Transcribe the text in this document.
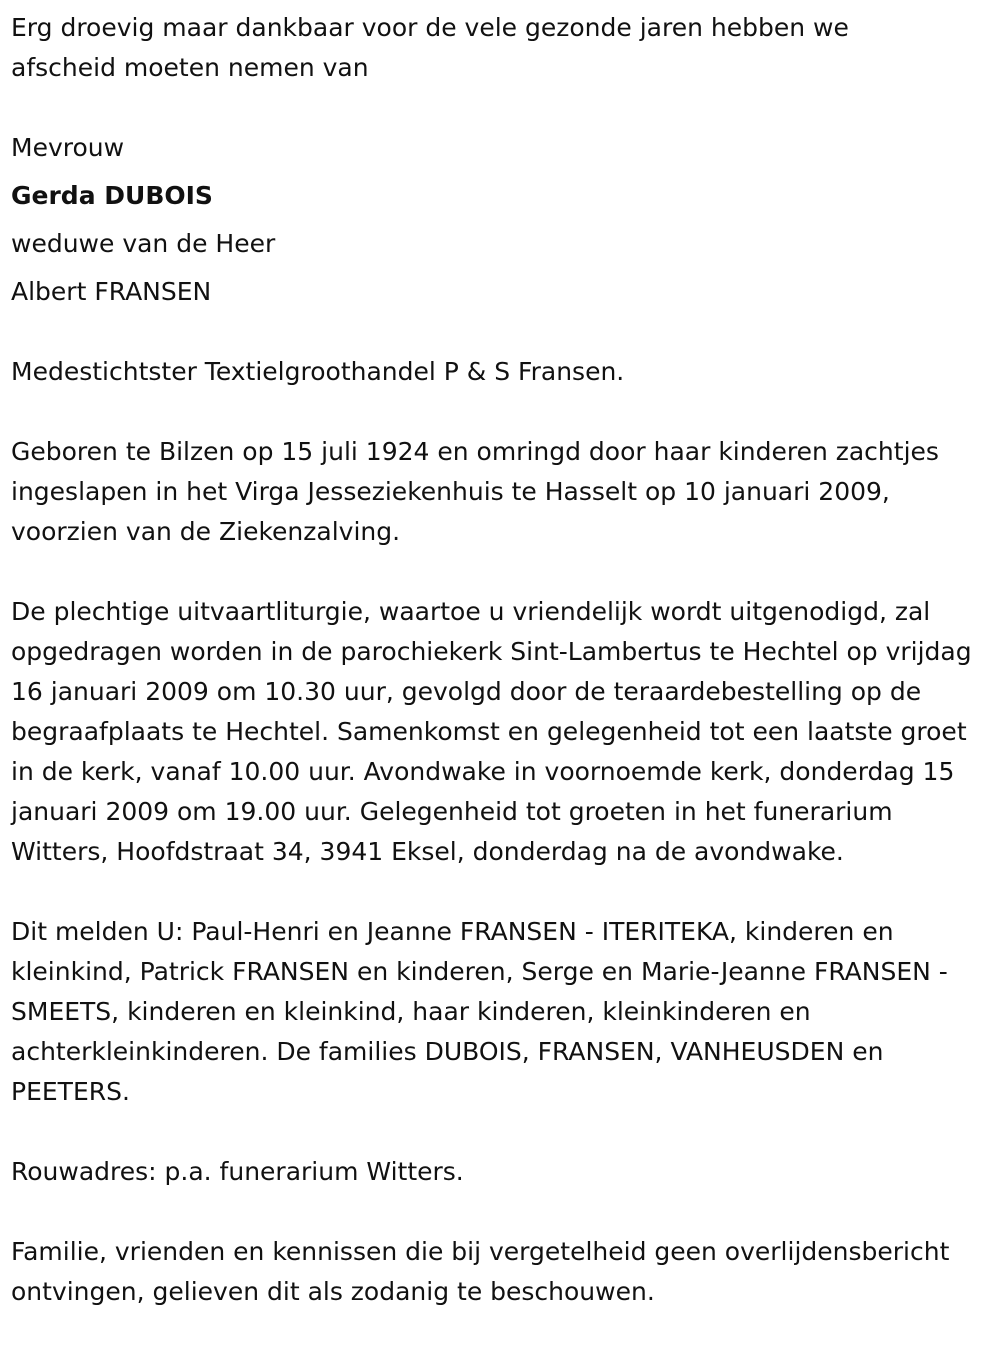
Erg droevig maar dankbaar voor de vele gezonde jaren hebben we afscheid moeten nemen van

Mevrouw

Gerda DUBOIS

weduwe van de Heer

Albert FRANSEN

Medestichtster Textielgroothandel P & S Fransen.

Geboren te Bilzen op 15 juli 1924 en omringd door haar kinderen zachtjes ingeslapen in het Virga Jesseziekenhuis te Hasselt op 10 januari 2009, voorzien van de Ziekenzalving.

De plechtige uitvaartliturgie, waartoe u vriendelijk wordt uitgenodigd, zal opgedragen worden in de parochiekerk Sint-Lambertus te Hechtel op vrijdag 16 januari 2009 om 10.30 uur, gevolgd door de teraardebestelling op de begraafplaats te Hechtel. Samenkomst en gelegenheid tot een laatste groet in de kerk, vanaf 10.00 uur. Avondwake in voornoemde kerk, donderdag 15 januari 2009 om 19.00 uur. Gelegenheid tot groeten in het funerarium Witters, Hoofdstraat 34, 3941 Eksel, donderdag na de avondwake.

Dit melden U: Paul-Henri en Jeanne FRANSEN - ITERITEKA, kinderen en kleinkind, Patrick FRANSEN en kinderen, Serge en Marie-Jeanne FRANSEN - SMEETS, kinderen en kleinkind, haar kinderen, kleinkinderen en achterkleinkinderen. De families DUBOIS, FRANSEN, VANHEUSDEN en PEETERS.

Rouwadres: p.a. funerarium Witters.

Familie, vrienden en kennissen die bij vergetelheid geen overlijdensbericht ontvingen, gelieven dit als zodanig te beschouwen.
